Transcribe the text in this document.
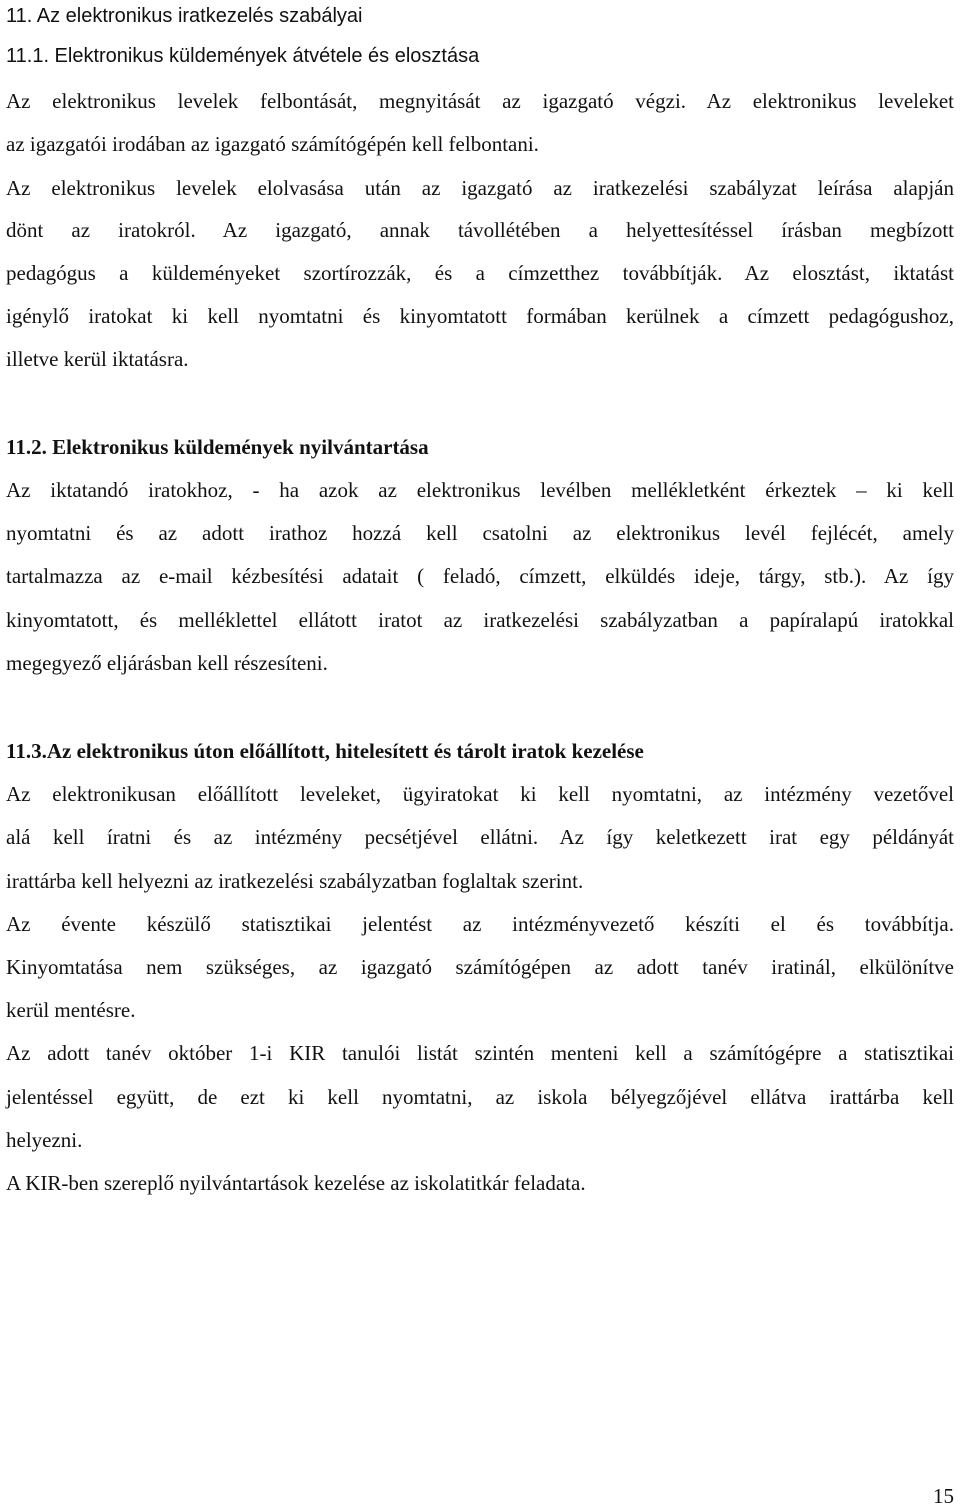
11. Az elektronikus iratkezelés szabályai
11.1. Elektronikus küldemények átvétele és elosztása
Az elektronikus levelek felbontását, megnyitását az igazgató végzi. Az elektronikus leveleket
az igazgatói irodában az igazgató számítógépén kell felbontani.
Az elektronikus levelek elolvasása után az igazgató az iratkezelési szabályzat leírása alapján
dönt az iratokról. Az igazgató, annak távollétében a helyettesítéssel írásban megbízott
pedagógus a küldeményeket szortírozzák, és a címzetthez továbbítják. Az elosztást, iktatást
igénylő iratokat ki kell nyomtatni és kinyomtatott formában kerülnek a címzett pedagógushoz,
illetve kerül iktatásra.
11.2. Elektronikus küldemények nyilvántartása
Az iktatandó iratokhoz, - ha azok az elektronikus levélben mellékletként érkeztek – ki kell
nyomtatni és az adott irathoz hozzá kell csatolni az elektronikus levél fejlécét, amely
tartalmazza az e-mail kézbesítési adatait ( feladó, címzett, elküldés ideje, tárgy, stb.). Az így
kinyomtatott, és melléklettel ellátott iratot az iratkezelési szabályzatban a papíralapú iratokkal
megegyező eljárásban kell részesíteni.
11.3.Az elektronikus úton előállított, hitelesített és tárolt iratok kezelése
Az elektronikusan előállított leveleket, ügyiratokat ki kell nyomtatni, az intézmény vezetővel
alá kell íratni és az intézmény pecsétjével ellátni. Az így keletkezett irat egy példányát
irattárba kell helyezni az iratkezelési szabályzatban foglaltak szerint.
Az évente készülő statisztikai jelentést az intézményvezető készíti el és továbbítja.
Kinyomtatása nem szükséges, az igazgató számítógépen az adott tanév iratinál, elkülönítve
kerül mentésre.
Az adott tanév október 1-i KIR tanulói listát szintén menteni kell a számítógépre a statisztikai
jelentéssel együtt, de ezt ki kell nyomtatni, az iskola bélyegzőjével ellátva irattárba kell
helyezni.
A KIR-ben szereplő nyilvántartások kezelése az iskolatitkár feladata.
15
